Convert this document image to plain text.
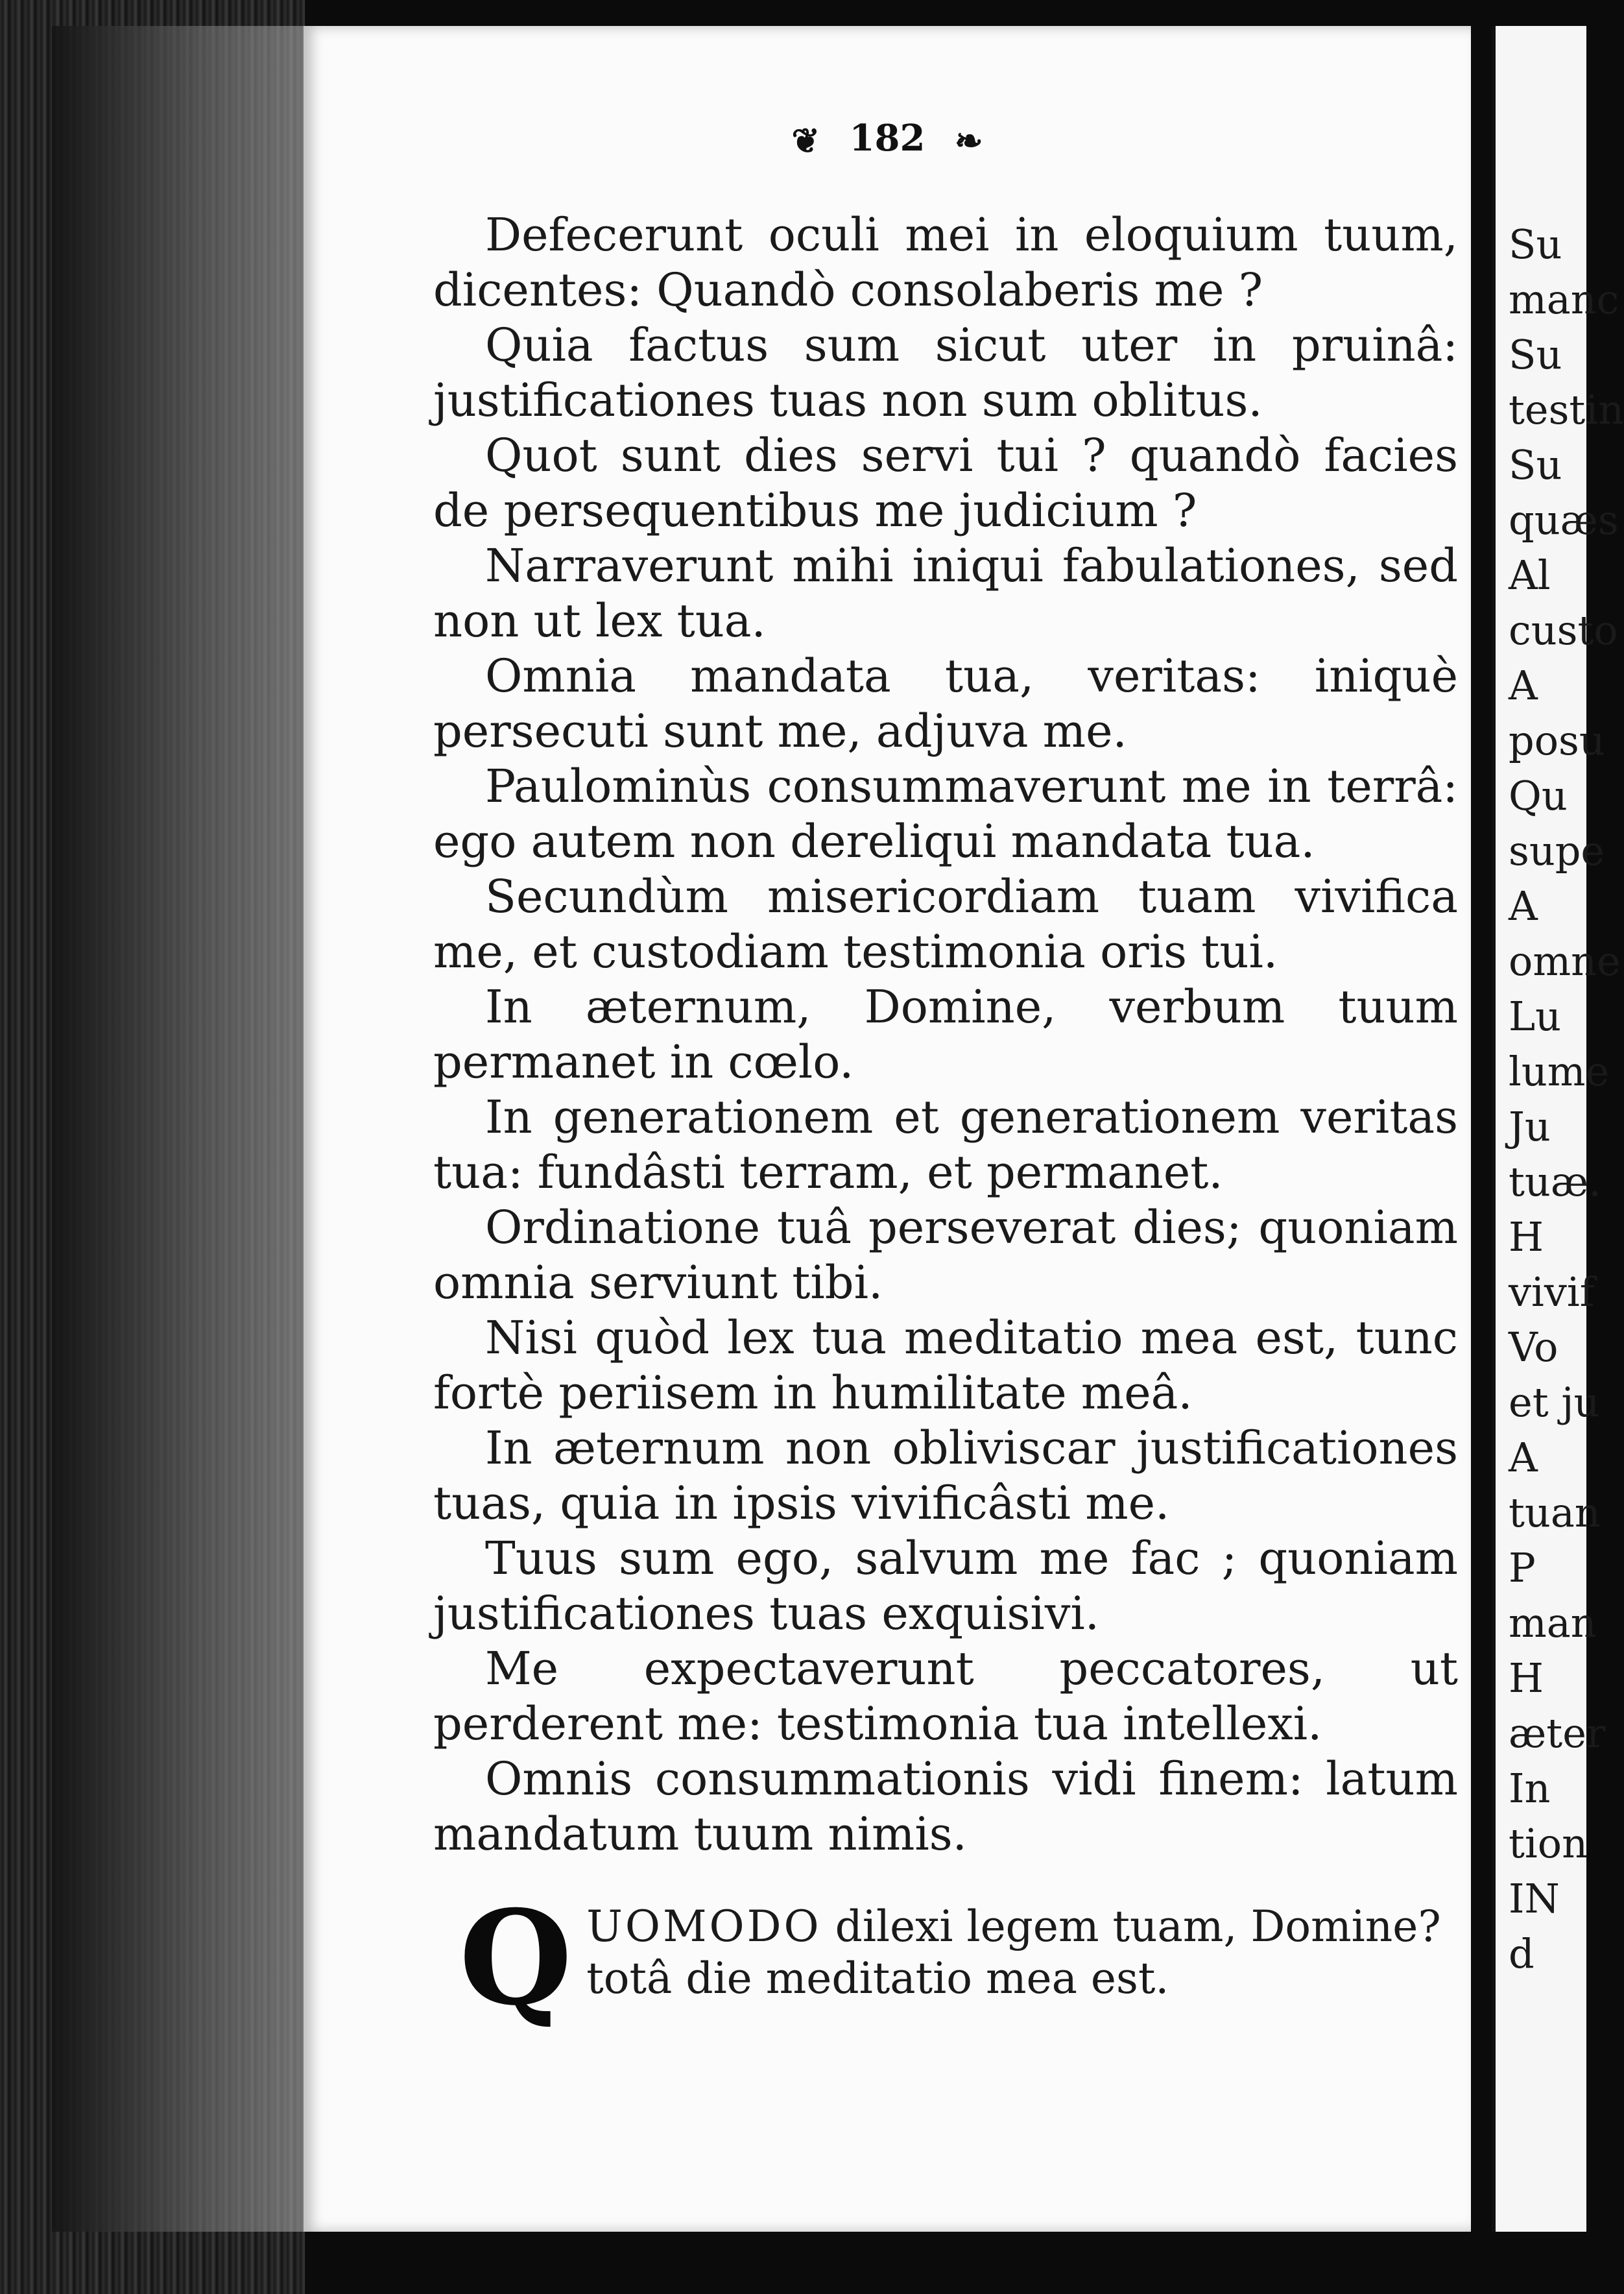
❦ 182 ❧

Defecerunt oculi mei in eloquium tuum, dicentes: Quandò consolaberis me ?

Quia factus sum sicut uter in pruinâ: justificationes tuas non sum oblitus.

Quot sunt dies servi tui ? quandò facies de persequentibus me judicium ?

Narraverunt mihi iniqui fabulationes, sed non ut lex tua.

Omnia mandata tua, veritas: iniquè persecuti sunt me, adjuva me.

Paulominùs consummaverunt me in terrâ: ego autem non dereliqui mandata tua.

Secundùm misericordiam tuam vivifica me, et custodiam testimonia oris tui.

In æternum, Domine, verbum tuum permanet in cœlo.

In generationem et generationem veritas tua: fundâsti terram, et permanet.

Ordinatione tuâ perseverat dies; quoniam omnia serviunt tibi.

Nisi quòd lex tua meditatio mea est, tunc fortè periisem in humilitate meâ.

In æternum non obliviscar justificationes tuas, quia in ipsis vivificâsti me.

Tuus sum ego, salvum me fac ; quoniam justificationes tuas exquisivi.

Me expectaverunt peccatores, ut perderent me: testimonia tua intellexi.

Omnis consummationis vidi finem: latum mandatum tuum nimis.

Q UOMODO dilexi legem tuam, Domine? totâ die meditatio mea est.
Su
manc
Su
testin
Su
quæs
Al
custo
A
posu
Qu
supe
A
omne
Lu
lume
Ju
tuæ.
H
vivif
Vo
et ju
A
tuan
P
man
H
æter
In
tion
IN
d
